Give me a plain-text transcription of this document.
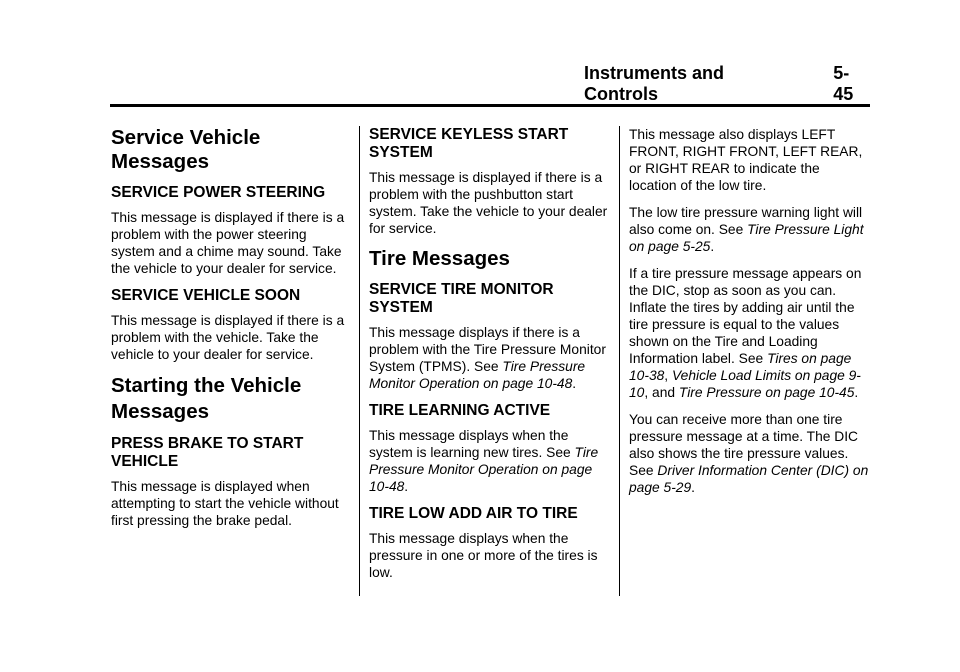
Instruments and Controls
5-45
Service Vehicle Messages
SERVICE POWER STEERING

This message is displayed if there is a problem with the power steering system and a chime may sound. Take the vehicle to your dealer for service.

SERVICE VEHICLE SOON

This message is displayed if there is a problem with the vehicle. Take the vehicle to your dealer for service.

Starting the Vehicle Messages
PRESS BRAKE TO START VEHICLE

This message is displayed when attempting to start the vehicle without first pressing the brake pedal.

SERVICE KEYLESS START SYSTEM

This message is displayed if there is a problem with the pushbutton start system. Take the vehicle to your dealer for service.

Tire Messages
SERVICE TIRE MONITOR SYSTEM

This message displays if there is a problem with the Tire Pressure Monitor System (TPMS). See Tire Pressure Monitor Operation on page 10-48.

TIRE LEARNING ACTIVE

This message displays when the system is learning new tires. See Tire Pressure Monitor Operation on page 10-48.

TIRE LOW ADD AIR TO TIRE

This message displays when the pressure in one or more of the tires is low.

This message also displays LEFT FRONT, RIGHT FRONT, LEFT REAR, or RIGHT REAR to indicate the location of the low tire.

The low tire pressure warning light will also come on. See Tire Pressure Light on page 5-25.

If a tire pressure message appears on the DIC, stop as soon as you can. Inflate the tires by adding air until the tire pressure is equal to the values shown on the Tire and Loading Information label. See Tires on page 10-38, Vehicle Load Limits on page 9-10, and Tire Pressure on page 10-45.

You can receive more than one tire pressure message at a time. The DIC also shows the tire pressure values. See Driver Information Center (DIC) on page 5-29.
